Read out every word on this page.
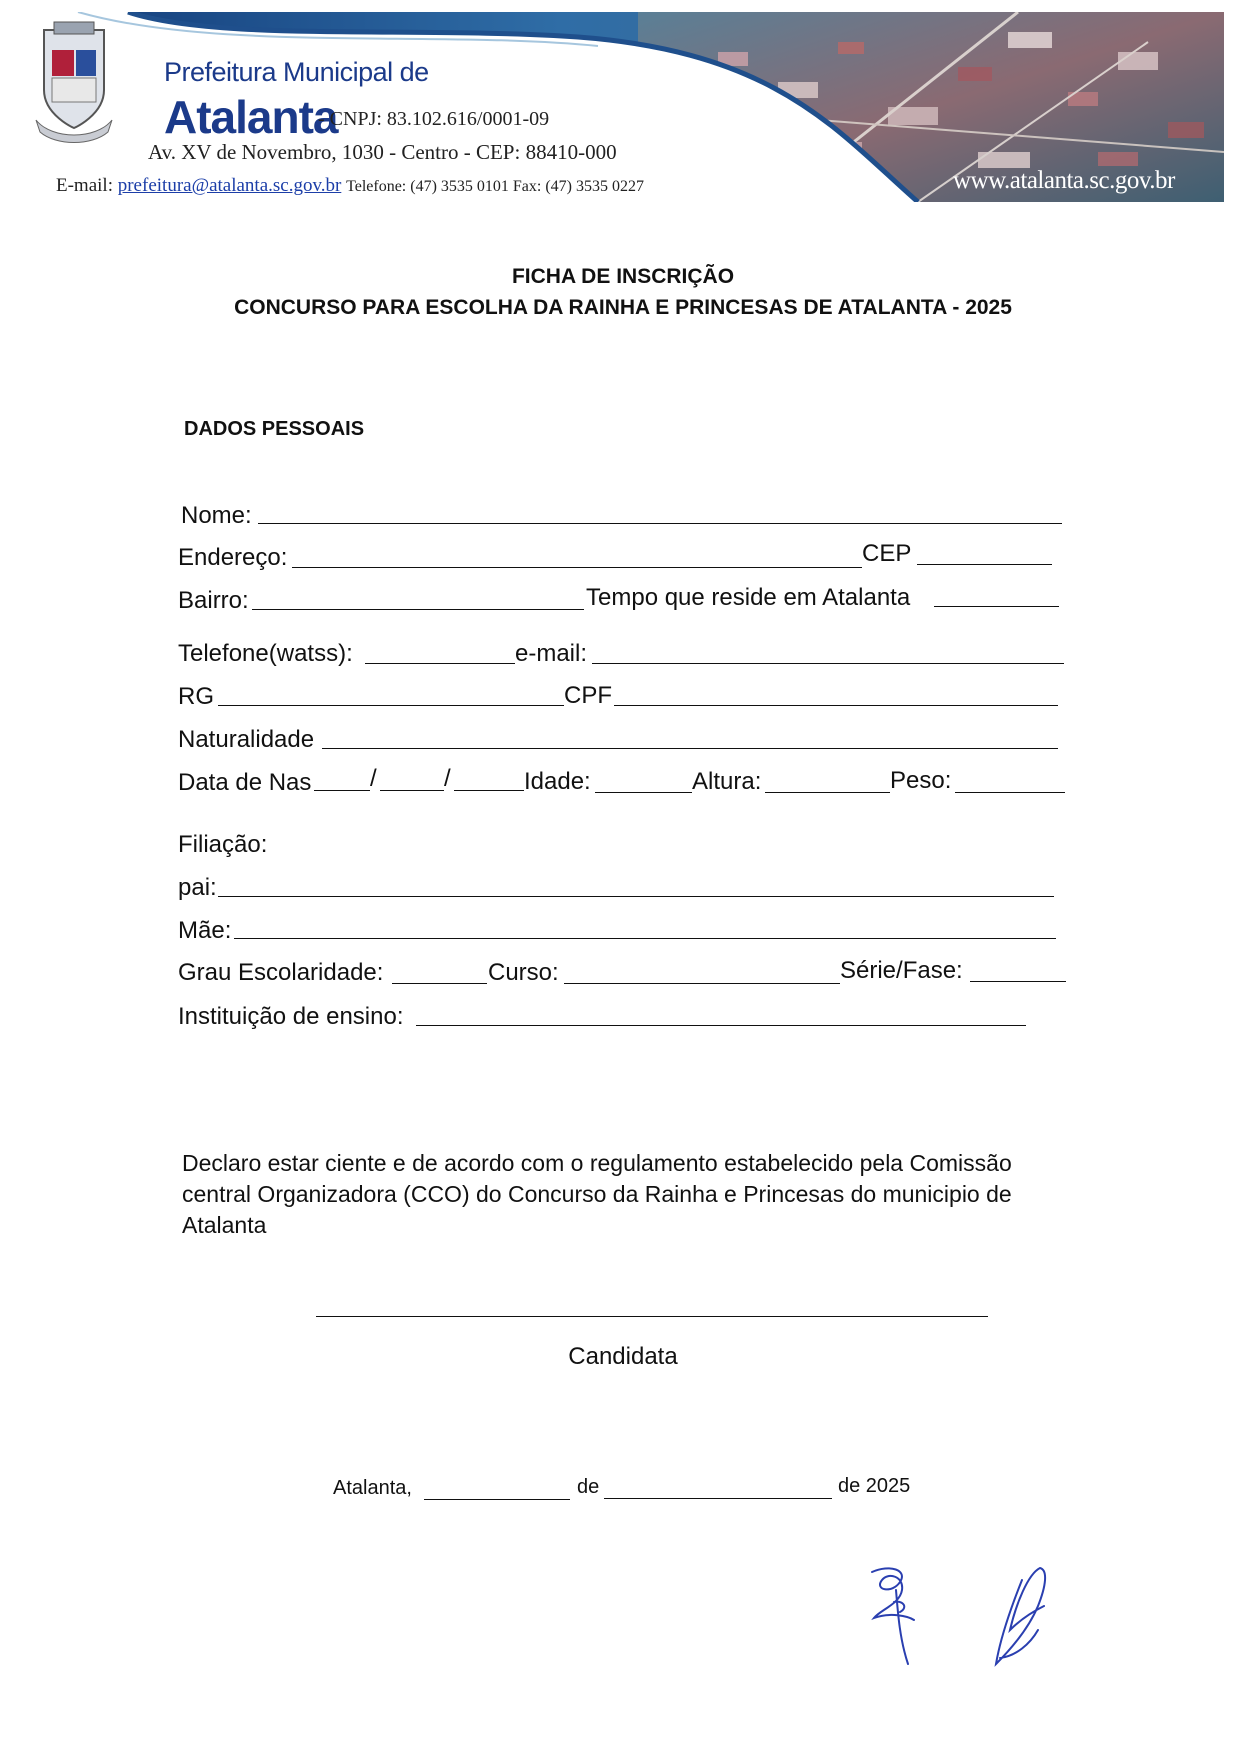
Prefeitura Municipal de
Atalanta
- CNPJ: 83.102.616/0001-09
Av. XV de Novembro, 1030 - Centro - CEP: 88410-000
E-mail: prefeitura@atalanta.sc.gov.br Telefone: (47) 3535 0101 Fax: (47) 3535 0227	www.atalanta.sc.gov.br
FICHA DE INSCRIÇÃO
CONCURSO PARA ESCOLHA DA RAINHA E PRINCESAS DE ATALANTA - 2025
DADOS PESSOAIS
Nome:
Endereço:	CEP
Bairro:	Tempo que reside em Atalanta
Telefone(watss):	e-mail:
RG	CPF
Naturalidade
Data de Nas /	/	Idade:	Altura:	Peso:
Filiação:
pai:
Mãe:
Grau Escolaridade:	Curso:	Série/Fase:
Instituição de ensino:
Declaro estar ciente e de acordo com o regulamento estabelecido pela Comissão central Organizadora (CCO) do Concurso da Rainha e Princesas do municipio de Atalanta
Candidata
Atalanta,	de	de 2025
